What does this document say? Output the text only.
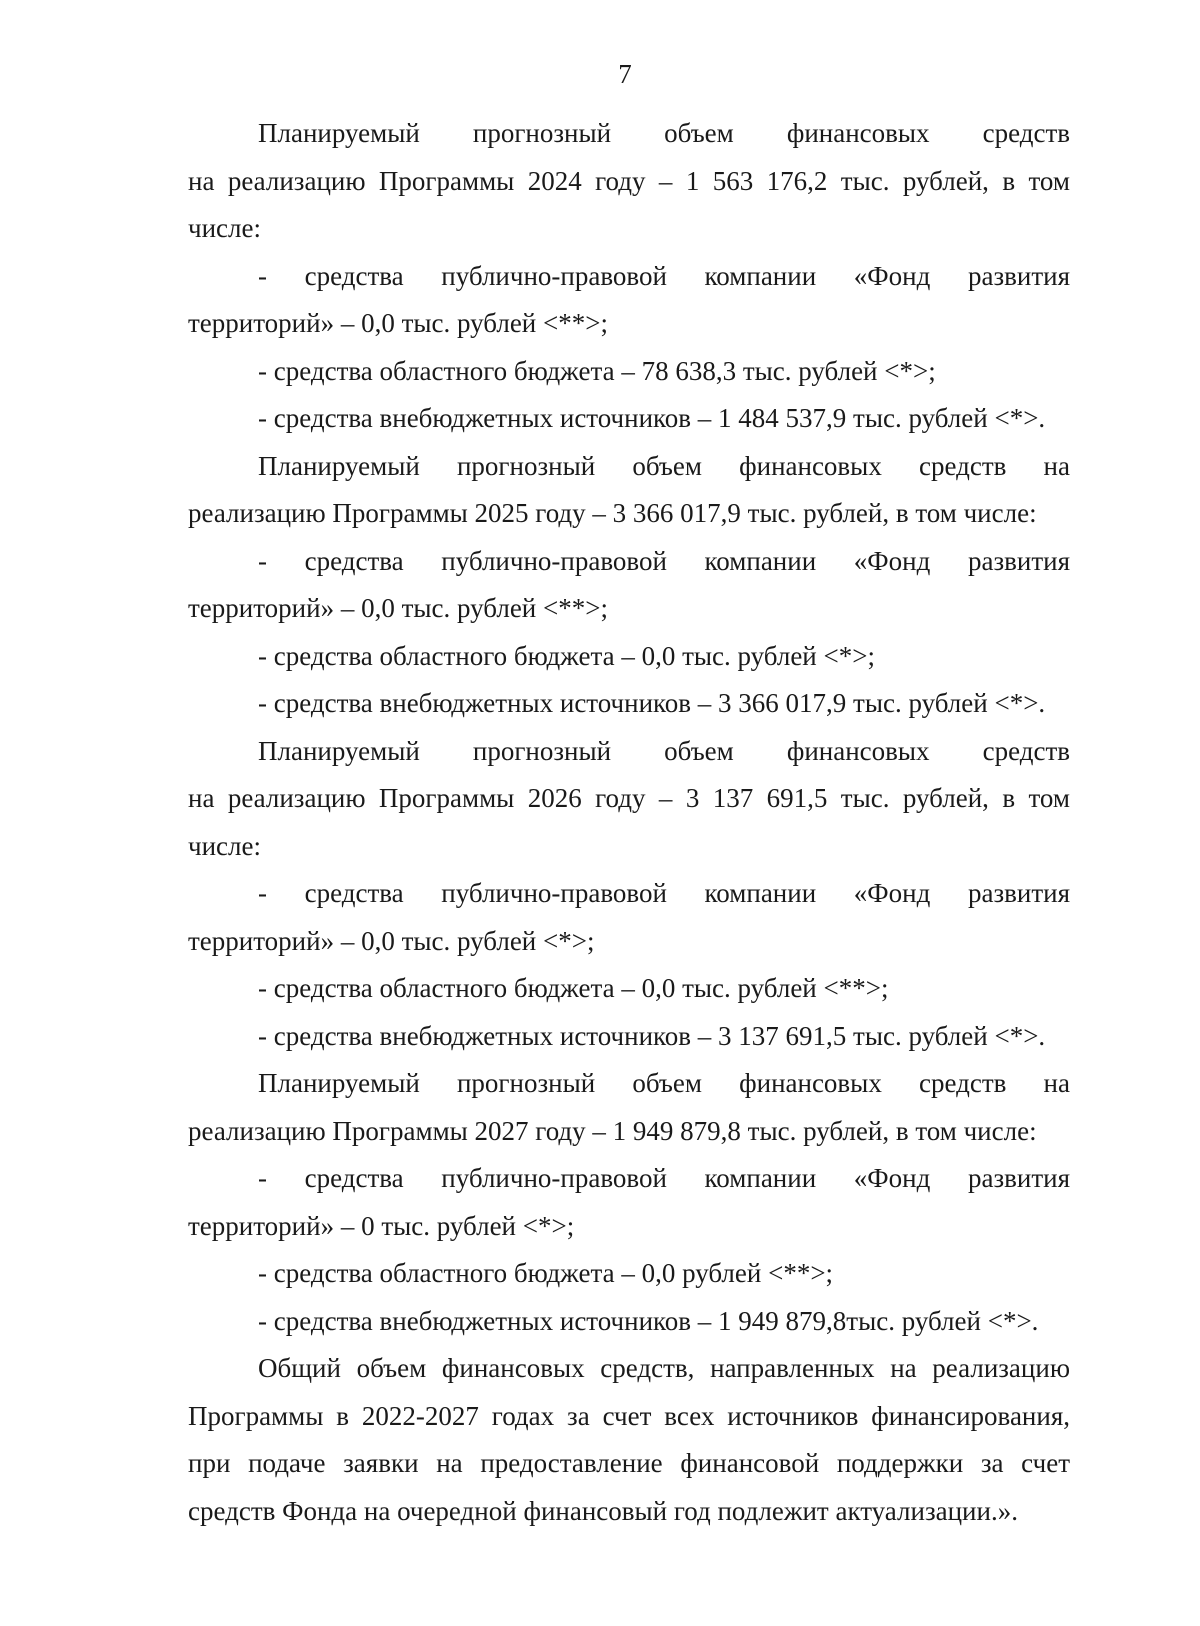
7

Планируемый прогнозный объем финансовых средств

на реализацию Программы 2024 году – 1 563 176,2 тыс. рублей, в том

числе:

- средства публично-правовой компании «Фонд развития

территорий» – 0,0 тыс. рублей <**>;

- средства областного бюджета – 78 638,3 тыс. рублей <*>;

- средства внебюджетных источников – 1 484 537,9 тыс. рублей <*>.

Планируемый прогнозный объем финансовых средств на

реализацию Программы 2025 году – 3 366 017,9 тыс. рублей, в том числе:

- средства публично-правовой компании «Фонд развития

территорий» – 0,0 тыс. рублей <**>;

- средства областного бюджета – 0,0 тыс. рублей <*>;

- средства внебюджетных источников – 3 366 017,9 тыс. рублей <*>.

Планируемый прогнозный объем финансовых средств

на реализацию Программы 2026 году – 3 137 691,5 тыс. рублей, в том

числе:

- средства публично-правовой компании «Фонд развития

территорий» – 0,0 тыс. рублей <*>;

- средства областного бюджета – 0,0 тыс. рублей <**>;

- средства внебюджетных источников – 3 137 691,5 тыс. рублей <*>.

Планируемый прогнозный объем финансовых средств на

реализацию Программы 2027 году – 1 949 879,8 тыс. рублей, в том числе:

- средства публично-правовой компании «Фонд развития

территорий» – 0 тыс. рублей <*>;

- средства областного бюджета – 0,0 рублей <**>;

- средства внебюджетных источников – 1 949 879,8тыс. рублей <*>.

Общий объем финансовых средств, направленных на реализацию

Программы в 2022-2027 годах за счет всех источников финансирования,

при подаче заявки на предоставление финансовой поддержки за счет

средств Фонда на очередной финансовый год подлежит актуализации.».
